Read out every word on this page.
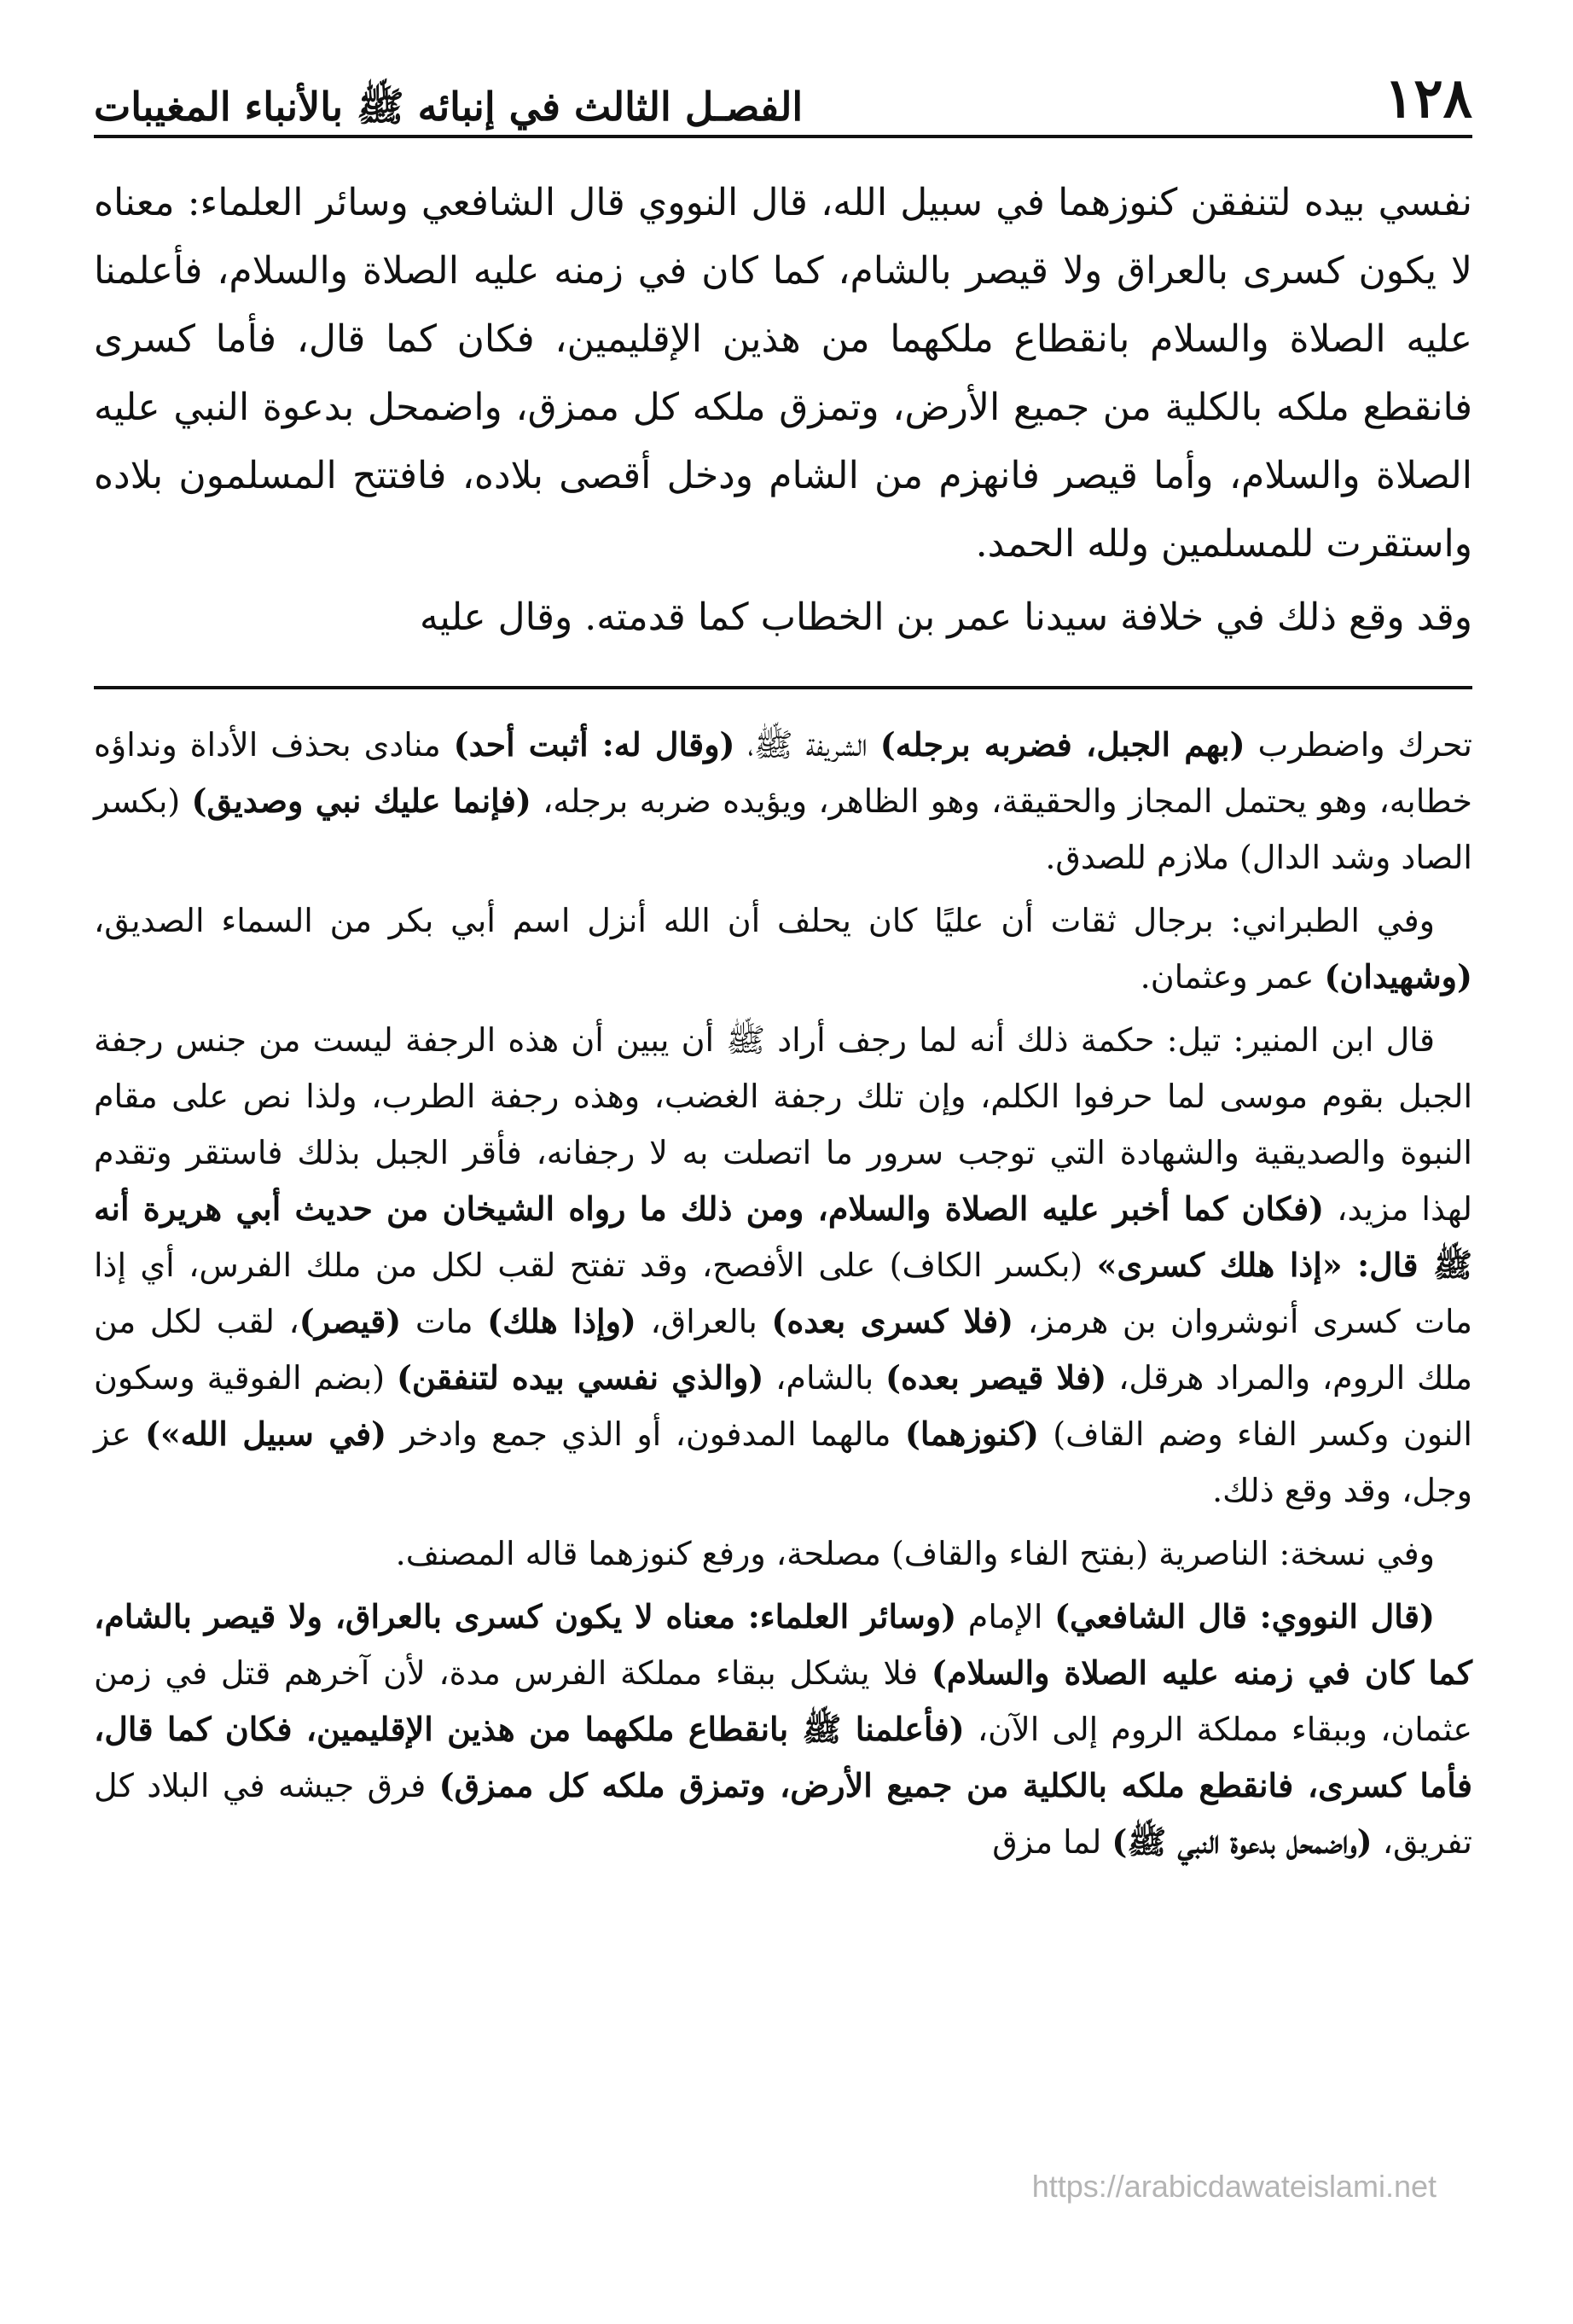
الفصـل الثالث في إنبائه ﷺ بالأنباء المغيبات	١٢٨

نفسي بيده لتنفقن كنوزهما في سبيل الله، قال النووي قال الشافعي وسائر العلماء: معناه لا يكون كسرى بالعراق ولا قيصر بالشام، كما كان في زمنه عليه الصلاة والسلام، فأعلمنا عليه الصلاة والسلام بانقطاع ملكهما من هذين الإقليمين، فكان كما قال، فأما كسرى فانقطع ملكه بالكلية من جميع الأرض، وتمزق ملكه كل ممزق، واضمحل بدعوة النبي عليه الصلاة والسلام، وأما قيصر فانهزم من الشام ودخل أقصى بلاده، فافتتح المسلمون بلاده واستقرت للمسلمين ولله الحمد.

وقد وقع ذلك في خلافة سيدنا عمر بن الخطاب كما قدمته. وقال عليه

تحرك واضطرب (بهم الجبل، فضربه برجله) الشريفة ﷺ، (وقال له: أثبت أحد) منادى بحذف الأداة ونداؤه خطابه، وهو يحتمل المجاز والحقيقة، وهو الظاهر، ويؤيده ضربه برجله، (فإنما عليك نبي وصديق) (بكسر الصاد وشد الدال) ملازم للصدق.

وفي الطبراني: برجال ثقات أن عليًا كان يحلف أن الله أنزل اسم أبي بكر من السماء الصديق، (وشهيدان) عمر وعثمان.

قال ابن المنير: تيل: حكمة ذلك أنه لما رجف أراد ﷺ أن يبين أن هذه الرجفة ليست من جنس رجفة الجبل بقوم موسى لما حرفوا الكلم، وإن تلك رجفة الغضب، وهذه رجفة الطرب، ولذا نص على مقام النبوة والصديقية والشهادة التي توجب سرور ما اتصلت به لا رجفانه، فأقر الجبل بذلك فاستقر وتقدم لهذا مزيد، (فكان كما أخبر عليه الصلاة والسلام، ومن ذلك ما رواه الشيخان من حديث أبي هريرة أنه ﷺ قال: «إذا هلك كسرى» (بكسر الكاف) على الأفصح، وقد تفتح لقب لكل من ملك الفرس، أي إذا مات كسرى أنوشروان بن هرمز، (فلا كسرى بعده) بالعراق، (وإذا هلك) مات (قيصر)، لقب لكل من ملك الروم، والمراد هرقل، (فلا قيصر بعده) بالشام، (والذي نفسي بيده لتنفقن) (بضم الفوقية وسكون النون وكسر الفاء وضم القاف) (كنوزهما) مالهما المدفون، أو الذي جمع وادخر (في سبيل الله») عز وجل، وقد وقع ذلك.

وفي نسخة: الناصرية (بفتح الفاء والقاف) مصلحة، ورفع كنوزهما قاله المصنف.

(قال النووي: قال الشافعي) الإمام (وسائر العلماء: معناه لا يكون كسرى بالعراق، ولا قيصر بالشام، كما كان في زمنه عليه الصلاة والسلام) فلا يشكل ببقاء مملكة الفرس مدة، لأن آخرهم قتل في زمن عثمان، وببقاء مملكة الروم إلى الآن، (فأعلمنا ﷺ بانقطاع ملكهما من هذين الإقليمين، فكان كما قال، فأما كسرى، فانقطع ملكه بالكلية من جميع الأرض، وتمزق ملكه كل ممزق) فرق جيشه في البلاد كل تفريق، (واضمحل بدعوة النبي ﷺ) لما مزق

https://arabicdawateislami.net
